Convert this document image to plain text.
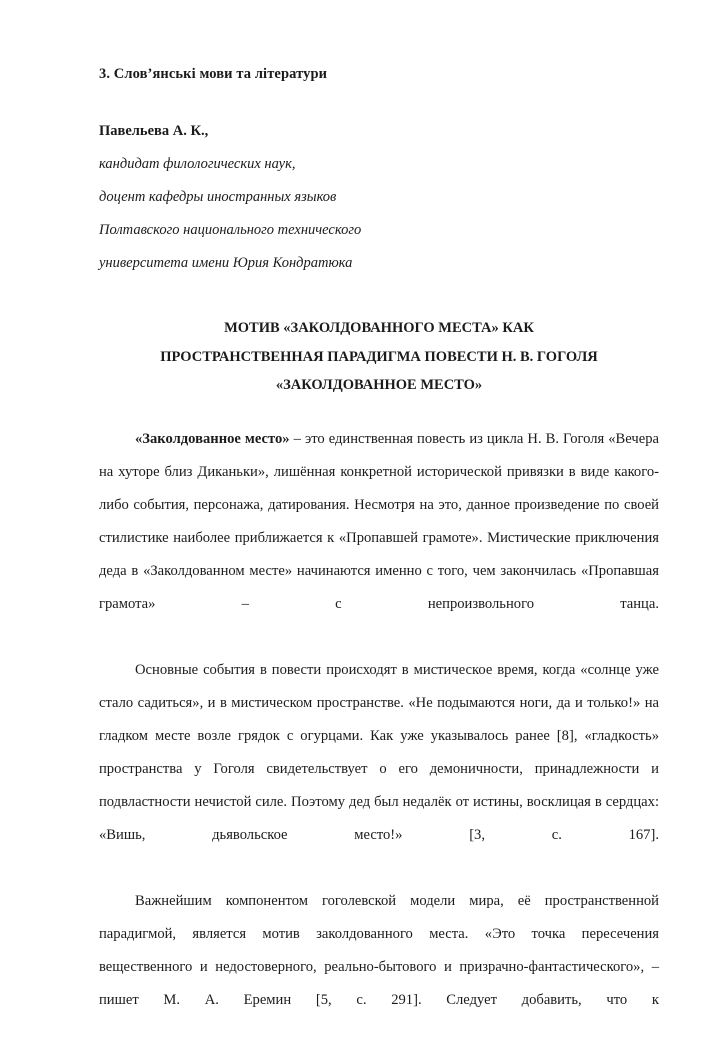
3. Слов’янські мови та літератури

Павельева А. К.,

кандидат филологических наук,

доцент кафедры иностранных языков

Полтавского национального технического

университета имени Юрия Кондратюка

МОТИВ «ЗАКОЛДОВАННОГО МЕСТА» КАК
ПРОСТРАНСТВЕННАЯ ПАРАДИГМА ПОВЕСТИ Н. В. ГОГОЛЯ
«ЗАКОЛДОВАННОЕ МЕСТО»

«Заколдованное место» – это единственная повесть из цикла Н. В. Гоголя «Вечера на хуторе близ Диканьки», лишённая конкретной исторической привязки в виде какого-либо события, персонажа, датирования. Несмотря на это, данное произведение по своей стилистике наиболее приближается к «Пропавшей грамоте». Мистические приключения деда в «Заколдованном месте» начинаются именно с того, чем закончилась «Пропавшая грамота» – с непроизвольного танца.

Основные события в повести происходят в мистическое время, когда «солнце уже стало садиться», и в мистическом пространстве. «Не подымаются ноги, да и только!» на гладком месте возле грядок с огурцами. Как уже указывалось ранее [8], «гладкость» пространства у Гоголя свидетельствует о его демоничности, принадлежности и подвластности нечистой силе. Поэтому дед был недалёк от истины, восклицая в сердцах: «Вишь, дьявольское место!» [3, с. 167].

Важнейшим компонентом гоголевской модели мира, её пространственной парадигмой, является мотив заколдованного места. «Это точка пересечения вещественного и недостоверного, реально-бытового и призрачно-фантастического», – пишет М. А. Еремин [5, с. 291]. Следует добавить, что к
